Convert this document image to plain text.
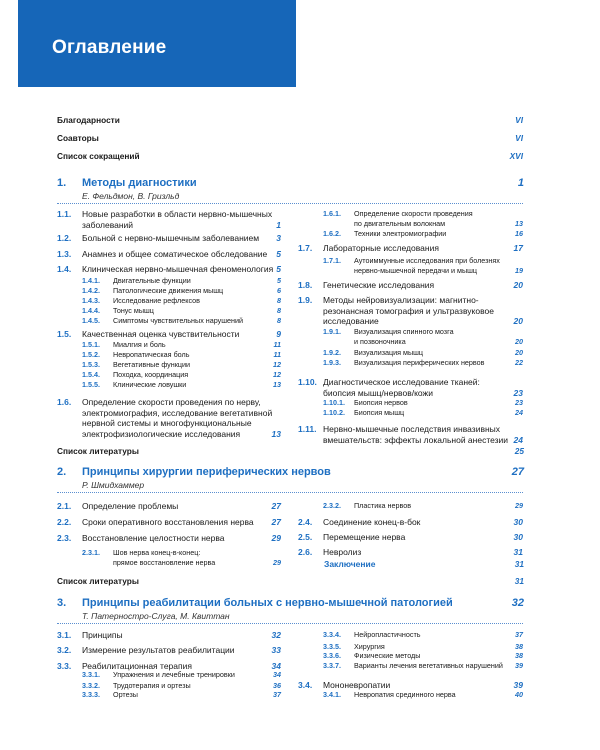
Оглавление
Благодарности	VI
Соавторы	VI
Список сокращений	XVI
1. Методы диагностики	1
Е. Фельдмон, В. Гризльд
1.1. Новые разработки в области нервно-мышечных
заболеваний	1
1.2. Больной с нервно-мышечным заболеванием 3
1.3. Анамнез и общее соматическое обследование 5
1.4. Клиническая нервно-мышечная феноменология 5
1.4.1. Двигательные функции	5
1.4.2. Патологические движения мышц	6
1.4.3. Исследование рефлексов	8
1.4.4. Тонус мышц	8
1.4.5. Симптомы чувствительных нарушений	8
1.5. Качественная оценка чувствительности	9
1.5.1. Миалгия и боль	11
1.5.2. Невропатическая боль	11
1.5.3. Вегетативные функции	12
1.5.4. Походка, координация	12
1.5.5. Клинические ловушки	13
1.6. Определение скорости проведения по нерву,
электромиография, исследование вегетативной
нервной системы и многофункциональные
электрофизиологические исследования	13
1.6.1. Определение скорости проведения
по двигательным волокнам	13
1.6.2. Техники электромиографии	16
1.7. Лабораторные исследования	17
1.7.1. Аутоиммунные исследования при болезнях
нервно-мышечной передачи и мышц	19
1.8. Генетические исследования	20
1.9. Методы нейровизуализации: магнитно-
резонансная томография и ультразвуковое
исследование	20
1.9.1. Визуализация спинного мозга
и позвоночника	20
1.9.2. Визуализация мышц	20
1.9.3. Визуализация периферических нервов	22
1.10. Диагностическое исследование тканей:
биопсия мышц/нервов/кожи	23
1.10.1. Биопсия нервов	23
1.10.2. Биопсия мышц	24
1.11. Нервно-мышечные последствия инвазивных
вмешательств: эффекты локальной анестезии 24
Список литературы	25
2. Принципы хирургии периферических нервов	27
Р. Шмидхаммер
2.1. Определение проблемы	27
2.2. Сроки оперативного восстановления нерва 27
2.3. Восстановление целостности нерва	29
2.3.1. Шов нерва конец-в-конец:
прямое восстановление нерва	29
2.3.2. Пластика нервов	29
2.4. Соединение конец-в-бок	30
2.5. Перемещение нерва	30
2.6. Невролиз	31
Заключение	31
Список литературы	31
3. Принципы реабилитации больных с нервно-мышечной патологией	32
Т. Патерностро-Слуга, М. Квиттан
3.1. Принципы	32
3.2. Измерение результатов реабилитации	33
3.3. Реабилитационная терапия	34
3.3.1. Упражнения и лечебные тренировки	34
3.3.2. Трудотерапия и ортезы	36
3.3.3. Ортезы	37
3.3.4. Нейропластичность	37
3.3.5. Хирургия	38
3.3.6. Физические методы	38
3.3.7. Варианты лечения вегетативных нарушений 39
3.4. Мононевропатии	39
3.4.1. Невропатия срединного нерва	40
